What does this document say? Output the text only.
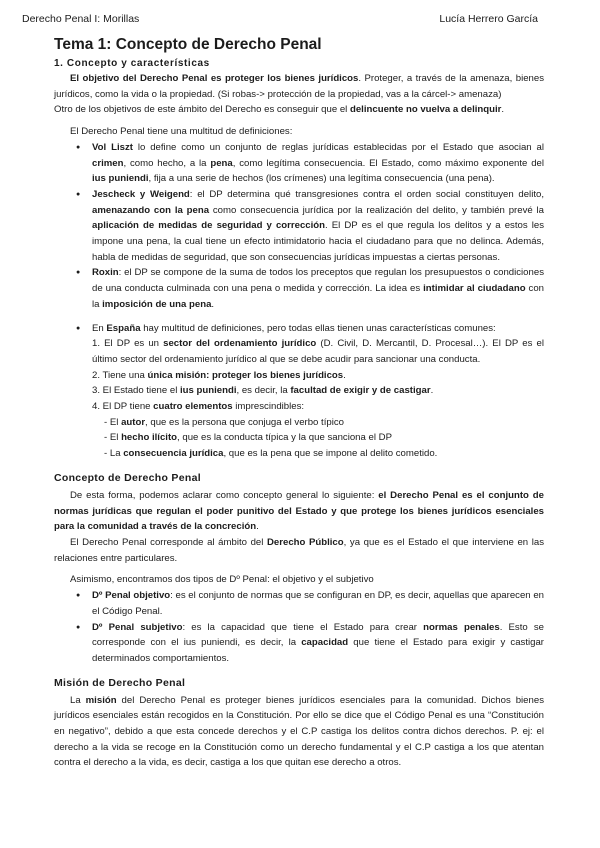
Derecho Penal I: Morillas	Lucía Herrero García
Tema 1: Concepto de Derecho Penal
1. Concepto y características

El objetivo del Derecho Penal es proteger los bienes jurídicos. Proteger, a través de la amenaza, bienes jurídicos, como la vida o la propiedad. (Si robas-> protección de la propiedad, vas a la cárcel-> amenaza)

Otro de los objetivos de este ámbito del Derecho es conseguir que el delincuente no vuelva a delinquir.

El Derecho Penal tiene una multitud de definiciones:

● Vol Liszt lo define como un conjunto de reglas jurídicas establecidas por el Estado que asocian al crimen, como hecho, a la pena, como legítima consecuencia. El Estado, como máximo exponente del ius puniendi, fija a una serie de hechos (los crímenes) una legítima consecuencia (una pena).
● Jescheck y Weigend: el DP determina qué transgresiones contra el orden social constituyen delito, amenazando con la pena como consecuencia jurídica por la realización del delito, y también prevé la aplicación de medidas de seguridad y corrección. El DP es el que regula los delitos y a estos les impone una pena, la cual tiene un efecto intimidatorio hacia el ciudadano para que no delinca. Además, habla de medidas de seguridad, que son consecuencias jurídicas impuestas a ciertas personas.
● Roxin: el DP se compone de la suma de todos los preceptos que regulan los presupuestos o condiciones de una conducta culminada con una pena o medida y corrección. La idea es intimidar al ciudadano con la imposición de una pena.
● En España hay multitud de definiciones, pero todas ellas tienen unas características comunes:
1. El DP es un sector del ordenamiento jurídico (D. Civil, D. Mercantil, D. Procesal…). El DP es el último sector del ordenamiento jurídico al que se debe acudir para sancionar una conducta.
2. Tiene una única misión: proteger los bienes jurídicos.
3. El Estado tiene el ius puniendi, es decir, la facultad de exigir y de castigar.
4. El DP tiene cuatro elementos imprescindibles:
- El autor, que es la persona que conjuga el verbo típico
- El hecho ilícito, que es la conducta típica y la que sanciona el DP
- La consecuencia jurídica, que es la pena que se impone al delito cometido.
Concepto de Derecho Penal

De esta forma, podemos aclarar como concepto general lo siguiente: el Derecho Penal es el conjunto de normas jurídicas que regulan el poder punitivo del Estado y que protege los bienes jurídicos esenciales para la comunidad a través de la concreción.

El Derecho Penal corresponde al ámbito del Derecho Público, ya que es el Estado el que interviene en las relaciones entre particulares.

Asimismo, encontramos dos tipos de Dº Penal: el objetivo y el subjetivo

● Dº Penal objetivo: es el conjunto de normas que se configuran en DP, es decir, aquellas que aparecen en el Código Penal.
● Dº Penal subjetivo: es la capacidad que tiene el Estado para crear normas penales. Esto se corresponde con el ius puniendi, es decir, la capacidad que tiene el Estado para exigir y castigar determinados comportamientos.
Misión de Derecho Penal

La misión del Derecho Penal es proteger bienes jurídicos esenciales para la comunidad. Dichos bienes jurídicos esenciales están recogidos en la Constitución. Por ello se dice que el Código Penal es una “Constitución en negativo”, debido a que esta concede derechos y el C.P castiga los delitos contra dichos derechos. P. ej: el derecho a la vida se recoge en la Constitución como un derecho fundamental y el C.P castiga a los que atentan contra el derecho a la vida, es decir, castiga a los que quitan ese derecho a otros.
